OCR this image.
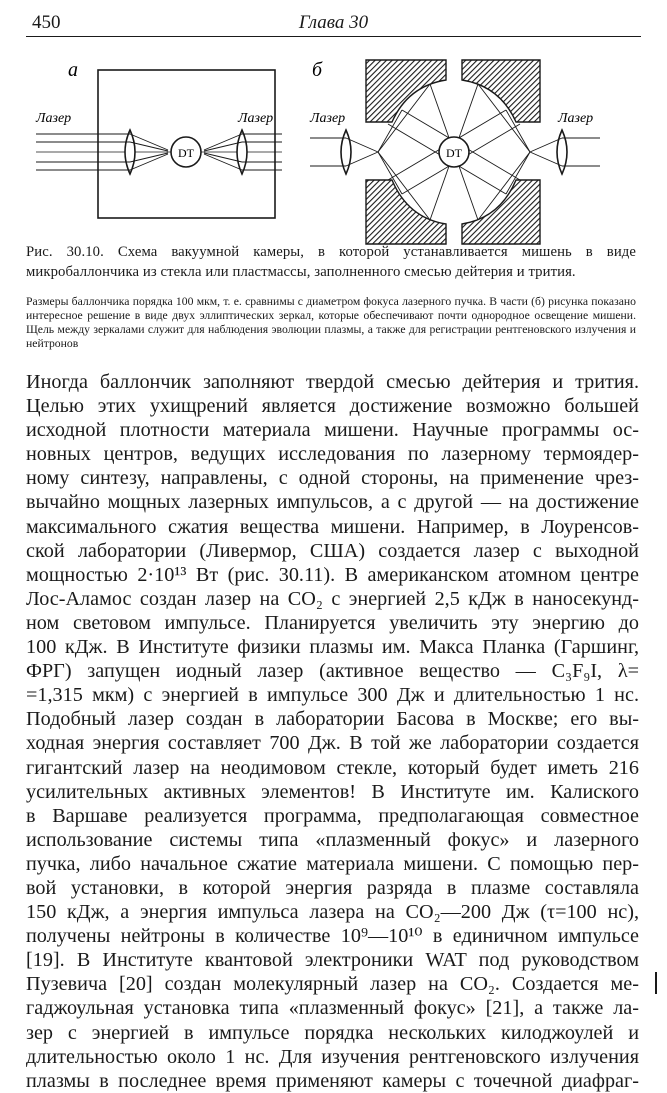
450	Глава 30
а
DT
Лазер	Лазер
б
DT
Лазер	Лазер
Рис. 30.10. Схема вакуумной камеры, в которой устанавливается мишень в виде микробаллончика из стекла или пластмассы, заполненного смесью дейтерия и трития.
Размеры баллончика порядка 100 мкм, т. е. сравнимы с диаметром фокуса лазерного пучка. В части (б) рисунка показано интересное решение в виде двух эллиптических зеркал, которые обеспечивают почти однородное освещение мишени. Щель между зеркалами служит для наблюдения эволюции плазмы, а также для регистрации рентгеновского излучения и нейтронов
Иногда баллончик заполняют твердой смесью дейтерия и трития.
Целью этих ухищрений является достижение возможно большей
исходной плотности материала мишени. Научные программы ос-
новных центров, ведущих исследования по лазерному термоядер-
ному синтезу, направлены, с одной стороны, на применение чрез-
вычайно мощных лазерных импульсов, а с другой — на достижение
максимального сжатия вещества мишени. Например, в Лоуренсов-
ской лаборатории (Ливермор, США) создается лазер с выходной
мощностью 2·10¹³ Вт (рис. 30.11). В американском атомном центре
Лос-Аламос создан лазер на CO₂ с энергией 2,5 кДж в наносекунд-
ном световом импульсе. Планируется увеличить эту энергию до
100 кДж. В Институте физики плазмы им. Макса Планка (Гаршинг,
ФРГ) запущен иодный лазер (активное вещество — C₃F₉I, λ=
=1,315 мкм) с энергией в импульсе 300 Дж и длительностью 1 нс.
Подобный лазер создан в лаборатории Басова в Москве; его вы-
ходная энергия составляет 700 Дж. В той же лаборатории создается
гигантский лазер на неодимовом стекле, который будет иметь 216
усилительных активных элементов! В Институте им. Калиского
в Варшаве реализуется программа, предполагающая совместное
использование системы типа «плазменный фокус» и лазерного
пучка, либо начальное сжатие материала мишени. С помощью пер-
вой установки, в которой энергия разряда в плазме составляла
150 кДж, а энергия импульса лазера на CO₂—200 Дж (τ=100 нс),
получены нейтроны в количестве 10⁹—10¹⁰ в единичном импульсе
[19]. В Институте квантовой электроники WAT под руководством
Пузевича [20] создан молекулярный лазер на CO₂. Создается ме-
гаджоульная установка типа «плазменный фокус» [21], а также ла-
зер с энергией в импульсе порядка нескольких килоджоулей и
длительностью около 1 нс. Для изучения рентгеновского излучения
плазмы в последнее время применяют камеры с точечной диафраг-
